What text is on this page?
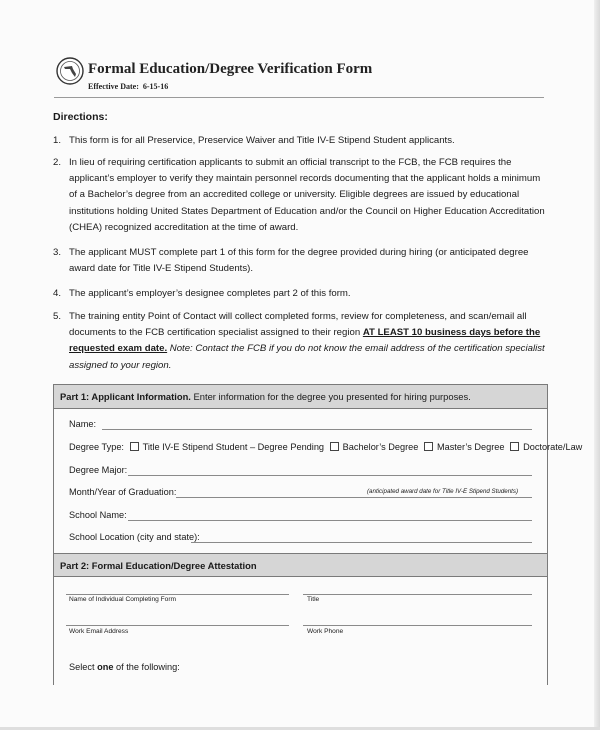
Formal Education/Degree Verification Form
Effective Date: 6-15-16
Directions:
1. This form is for all Preservice, Preservice Waiver and Title IV-E Stipend Student applicants.
2. In lieu of requiring certification applicants to submit an official transcript to the FCB, the FCB requires the applicant’s employer to verify they maintain personnel records documenting that the applicant holds a minimum of a Bachelor’s degree from an accredited college or university. Eligible degrees are issued by educational institutions holding United States Department of Education and/or the Council on Higher Education Accreditation (CHEA) recognized accreditation at the time of award.
3. The applicant MUST complete part 1 of this form for the degree provided during hiring (or anticipated degree award date for Title IV-E Stipend Students).
4. The applicant’s employer’s designee completes part 2 of this form.
5. The training entity Point of Contact will collect completed forms, review for completeness, and scan/email all documents to the FCB certification specialist assigned to their region AT LEAST 10 business days before the requested exam date. Note: Contact the FCB if you do not know the email address of the certification specialist assigned to your region.
Part 1: Applicant Information. Enter information for the degree you presented for hiring purposes.
Name:
Degree Type: Title IV-E Stipend Student – Degree Pending Bachelor’s Degree Master’s Degree Doctorate/Law
Degree Major:
Month/Year of Graduation:	(anticipated award date for Title IV-E Stipend Students)
School Name:
School Location (city and state):
Part 2: Formal Education/Degree Attestation
Name of Individual Completing Form	Title
Work Email Address	Work Phone
Select one of the following:
